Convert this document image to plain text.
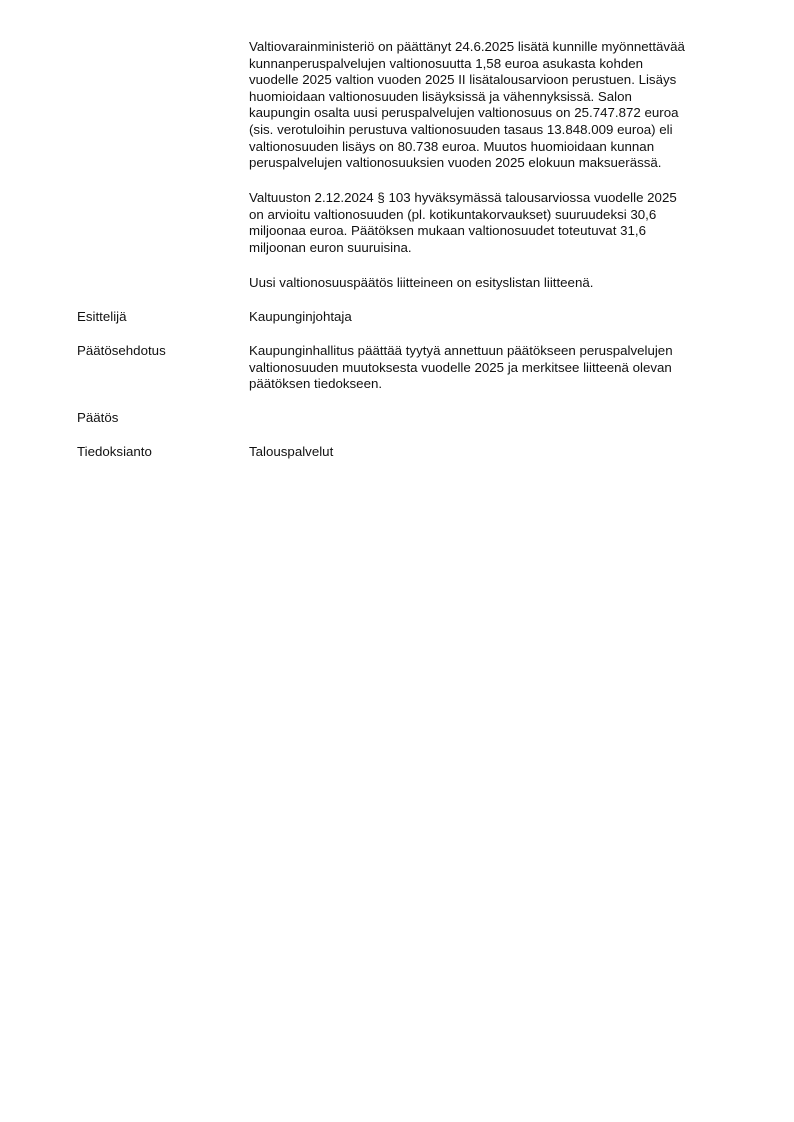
Valtiovarainministeriö on päättänyt 24.6.2025 lisätä kunnille myönnettävää
kunnanperuspalvelujen valtionosuutta 1,58 euroa asukasta kohden
vuodelle 2025 valtion vuoden 2025 II lisätalousarvioon perustuen. Lisäys
huomioidaan valtionosuuden lisäyksissä ja vähennyksissä. Salon
kaupungin osalta uusi peruspalvelujen valtionosuus on 25.747.872 euroa
(sis. verotuloihin perustuva valtionosuuden tasaus 13.848.009 euroa) eli
valtionosuuden lisäys on 80.738 euroa. Muutos huomioidaan kunnan
peruspalvelujen valtionosuuksien vuoden 2025 elokuun maksuerässä.

Valtuuston 2.12.2024 § 103 hyväksymässä talousarviossa vuodelle 2025
on arvioitu valtionosuuden (pl. kotikuntakorvaukset) suuruudeksi 30,6
miljoonaa euroa. Päätöksen mukaan valtionosuudet toteutuvat 31,6
miljoonan euron suuruisina.

Uusi valtionosuuspäätös liitteineen on esityslistan liitteenä.

Esittelijä	Kaupunginjohtaja
Päätösehdotus	Kaupunginhallitus päättää tyytyä annettuun päätökseen peruspalvelujen
valtionosuuden muutoksesta vuodelle 2025 ja merkitsee liitteenä olevan
päätöksen tiedokseen.
Päätös
Tiedoksianto	Talouspalvelut
